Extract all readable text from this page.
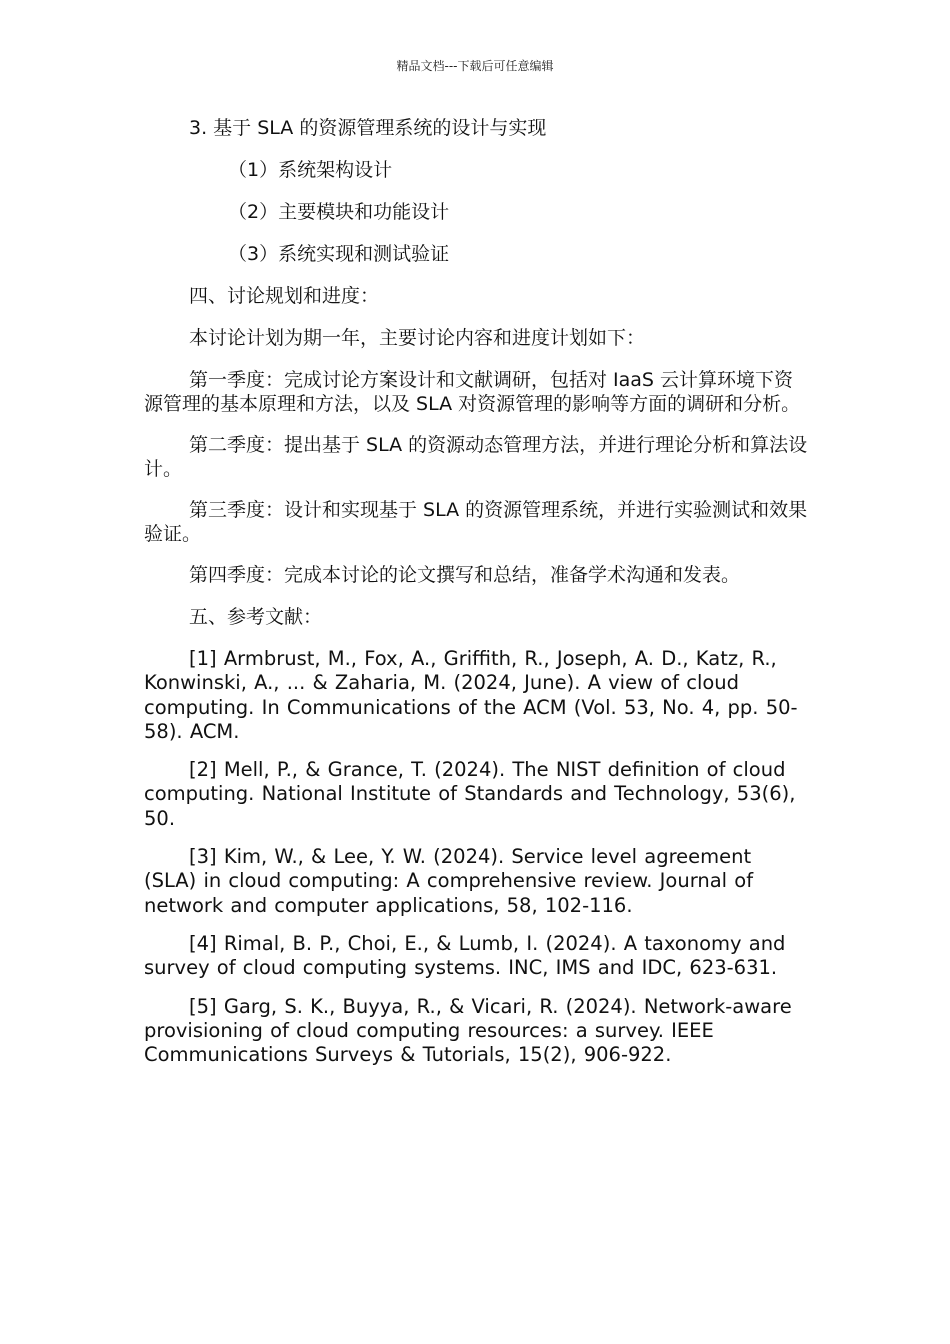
精品文档---下载后可任意编辑
3. 基于 SLA 的资源管理系统的设计与实现
（1）系统架构设计
（2）主要模块和功能设计
（3）系统实现和测试验证
四、讨论规划和进度：
本讨论计划为期一年，主要讨论内容和进度计划如下：

第一季度：完成讨论方案设计和文献调研，包括对 IaaS 云计算环境下资源管理的基本原理和方法，以及 SLA 对资源管理的影响等方面的调研和分析。

第二季度：提出基于 SLA 的资源动态管理方法，并进行理论分析和算法设计。

第三季度：设计和实现基于 SLA 的资源管理系统，并进行实验测试和效果验证。

第四季度：完成本讨论的论文撰写和总结，准备学术沟通和发表。
五、参考文献：

[1] Armbrust, M., Fox, A., Griffith, R., Joseph, A. D., Katz, R., Konwinski, A., ... & Zaharia, M. (2024, June). A view of cloud computing. In Communications of the ACM (Vol. 53, No. 4, pp. 50-58). ACM.

[2] Mell, P., & Grance, T. (2024). The NIST definition of cloud computing. National Institute of Standards and Technology, 53(6), 50.

[3] Kim, W., & Lee, Y. W. (2024). Service level agreement (SLA) in cloud computing: A comprehensive review. Journal of network and computer applications, 58, 102-116.

[4] Rimal, B. P., Choi, E., & Lumb, I. (2024). A taxonomy and survey of cloud computing systems. INC, IMS and IDC, 623-631.

[5] Garg, S. K., Buyya, R., & Vicari, R. (2024). Network-aware provisioning of cloud computing resources: a survey. IEEE Communications Surveys & Tutorials, 15(2), 906-922.
